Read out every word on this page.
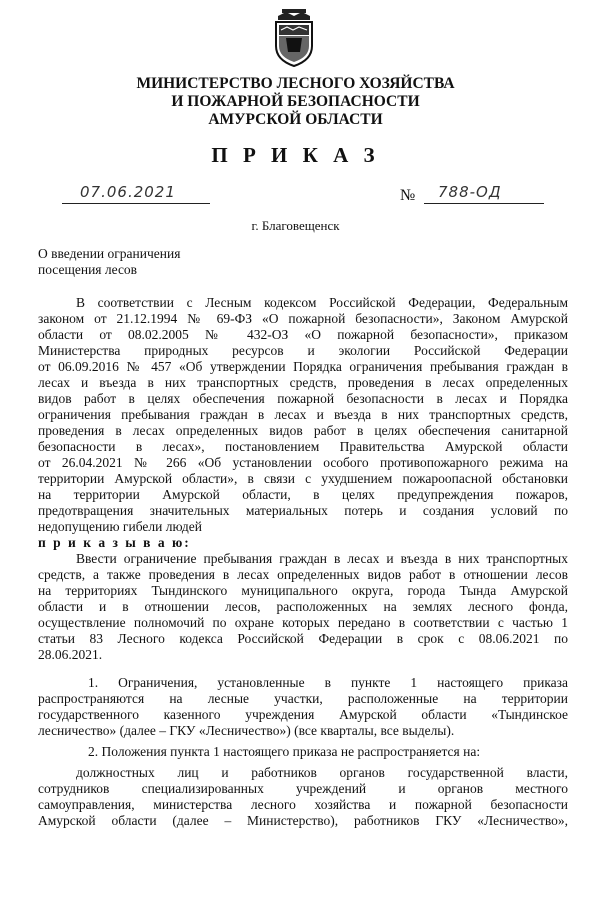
МИНИСТЕРСТВО ЛЕСНОГО ХОЗЯЙСТВА
И ПОЖАРНОЙ БЕЗОПАСНОСТИ
АМУРСКОЙ ОБЛАСТИ
П Р И К А З
07.06.2021	№ 788-ОД
г. Благовещенск
О введении ограничения
посещения лесов
В соответствии с Лесным кодексом Российской Федерации, Федеральным
законом от 21.12.1994 № 69-ФЗ «О пожарной безопасности», Законом Амурской
области от 08.02.2005 № 432-ОЗ «О пожарной безопасности», приказом
Министерства природных ресурсов и экологии Российской Федерации
от 06.09.2016 № 457 «Об утверждении Порядка ограничения пребывания граждан в
лесах и въезда в них транспортных средств, проведения в лесах определенных
видов работ в целях обеспечения пожарной безопасности в лесах и Порядка
ограничения пребывания граждан в лесах и въезда в них транспортных средств,
проведения в лесах определенных видов работ в целях обеспечения санитарной
безопасности в лесах», постановлением Правительства Амурской области
от 26.04.2021 № 266 «Об установлении особого противопожарного режима на
территории Амурской области», в связи с ухудшением пожароопасной обстановки
на территории Амурской области, в целях предупреждения пожаров,
предотвращения значительных материальных потерь и создания условий по
недопущению гибели людей
п р и к а з ы в а ю:
Ввести ограничение пребывания граждан в лесах и въезда в них транспортных
средств, а также проведения в лесах определенных видов работ в отношении лесов
на территориях Тындинского муниципального округа, города Тында Амурской
области и в отношении лесов, расположенных на землях лесного фонда,
осуществление полномочий по охране которых передано в соответствии с частью 1
статьи 83 Лесного кодекса Российской Федерации в срок с 08.06.2021 по
28.06.2021.
1. Ограничения, установленные в пункте 1 настоящего приказа
распространяются на лесные участки, расположенные на территории
государственного казенного учреждения Амурской области «Тындинское
лесничество» (далее – ГКУ «Лесничество») (все кварталы, все выделы).
2. Положения пункта 1 настоящего приказа не распространяется на:
должностных лиц и работников органов государственной власти,
сотрудников специализированных учреждений и органов местного
самоуправления, министерства лесного хозяйства и пожарной безопасности
Амурской области (далее – Министерство), работников ГКУ «Лесничество»,
